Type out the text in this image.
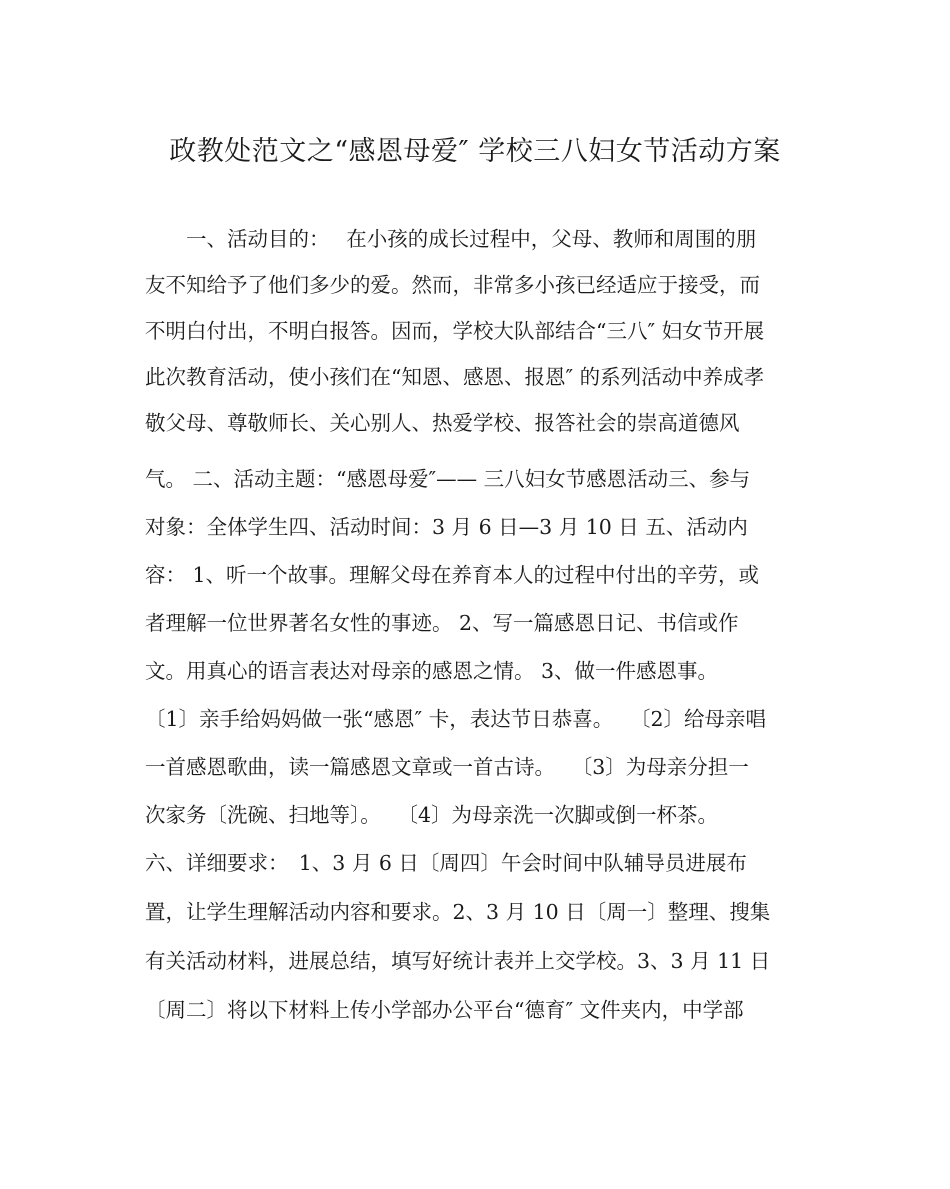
政教处范文之“感恩母爱″ 学校三八妇女节活动方案
　　一、活动目的：　 在小孩的成长过程中，父母、教师和周围的朋
友不知给予了他们多少的爱。然而，非常多小孩已经适应于接受，而
不明白付出，不明白报答。因而，学校大队部结合“三八″ 妇女节开展
此次教育活动，使小孩们在“知恩、感恩、报恩″ 的系列活动中养成孝
敬父母、尊敬师长、关心别人、热爱学校、报答社会的崇高道德风
气。 二、活动主题：“感恩母爱″—— 三八妇女节感恩活动三、参与
对象：全体学生四、活动时间：3 月 6 日—3 月 10 日 五、活动内
容： 1、听一个故事。理解父母在养育本人的过程中付出的辛劳，或
者理解一位世界著名女性的事迹。 2、写一篇感恩日记、书信或作
文。用真心的语言表达对母亲的感恩之情。 3、做一件感恩事。
〔1〕亲手给妈妈做一张“感恩″ 卡，表达节日恭喜。　 〔2〕给母亲唱
一首感恩歌曲，读一篇感恩文章或一首古诗。　 〔3〕为母亲分担一
次家务〔洗碗、扫地等〕。　 〔4〕为母亲洗一次脚或倒一杯茶。
六、详细要求：　1、3 月 6 日〔周四〕午会时间中队辅导员进展布
置，让学生理解活动内容和要求。2、3 月 10 日〔周一〕整理、搜集
有关活动材料，进展总结，填写好统计表并上交学校。3、3 月 11 日
〔周二〕将以下材料上传小学部办公平台“德育″ 文件夹内，中学部
